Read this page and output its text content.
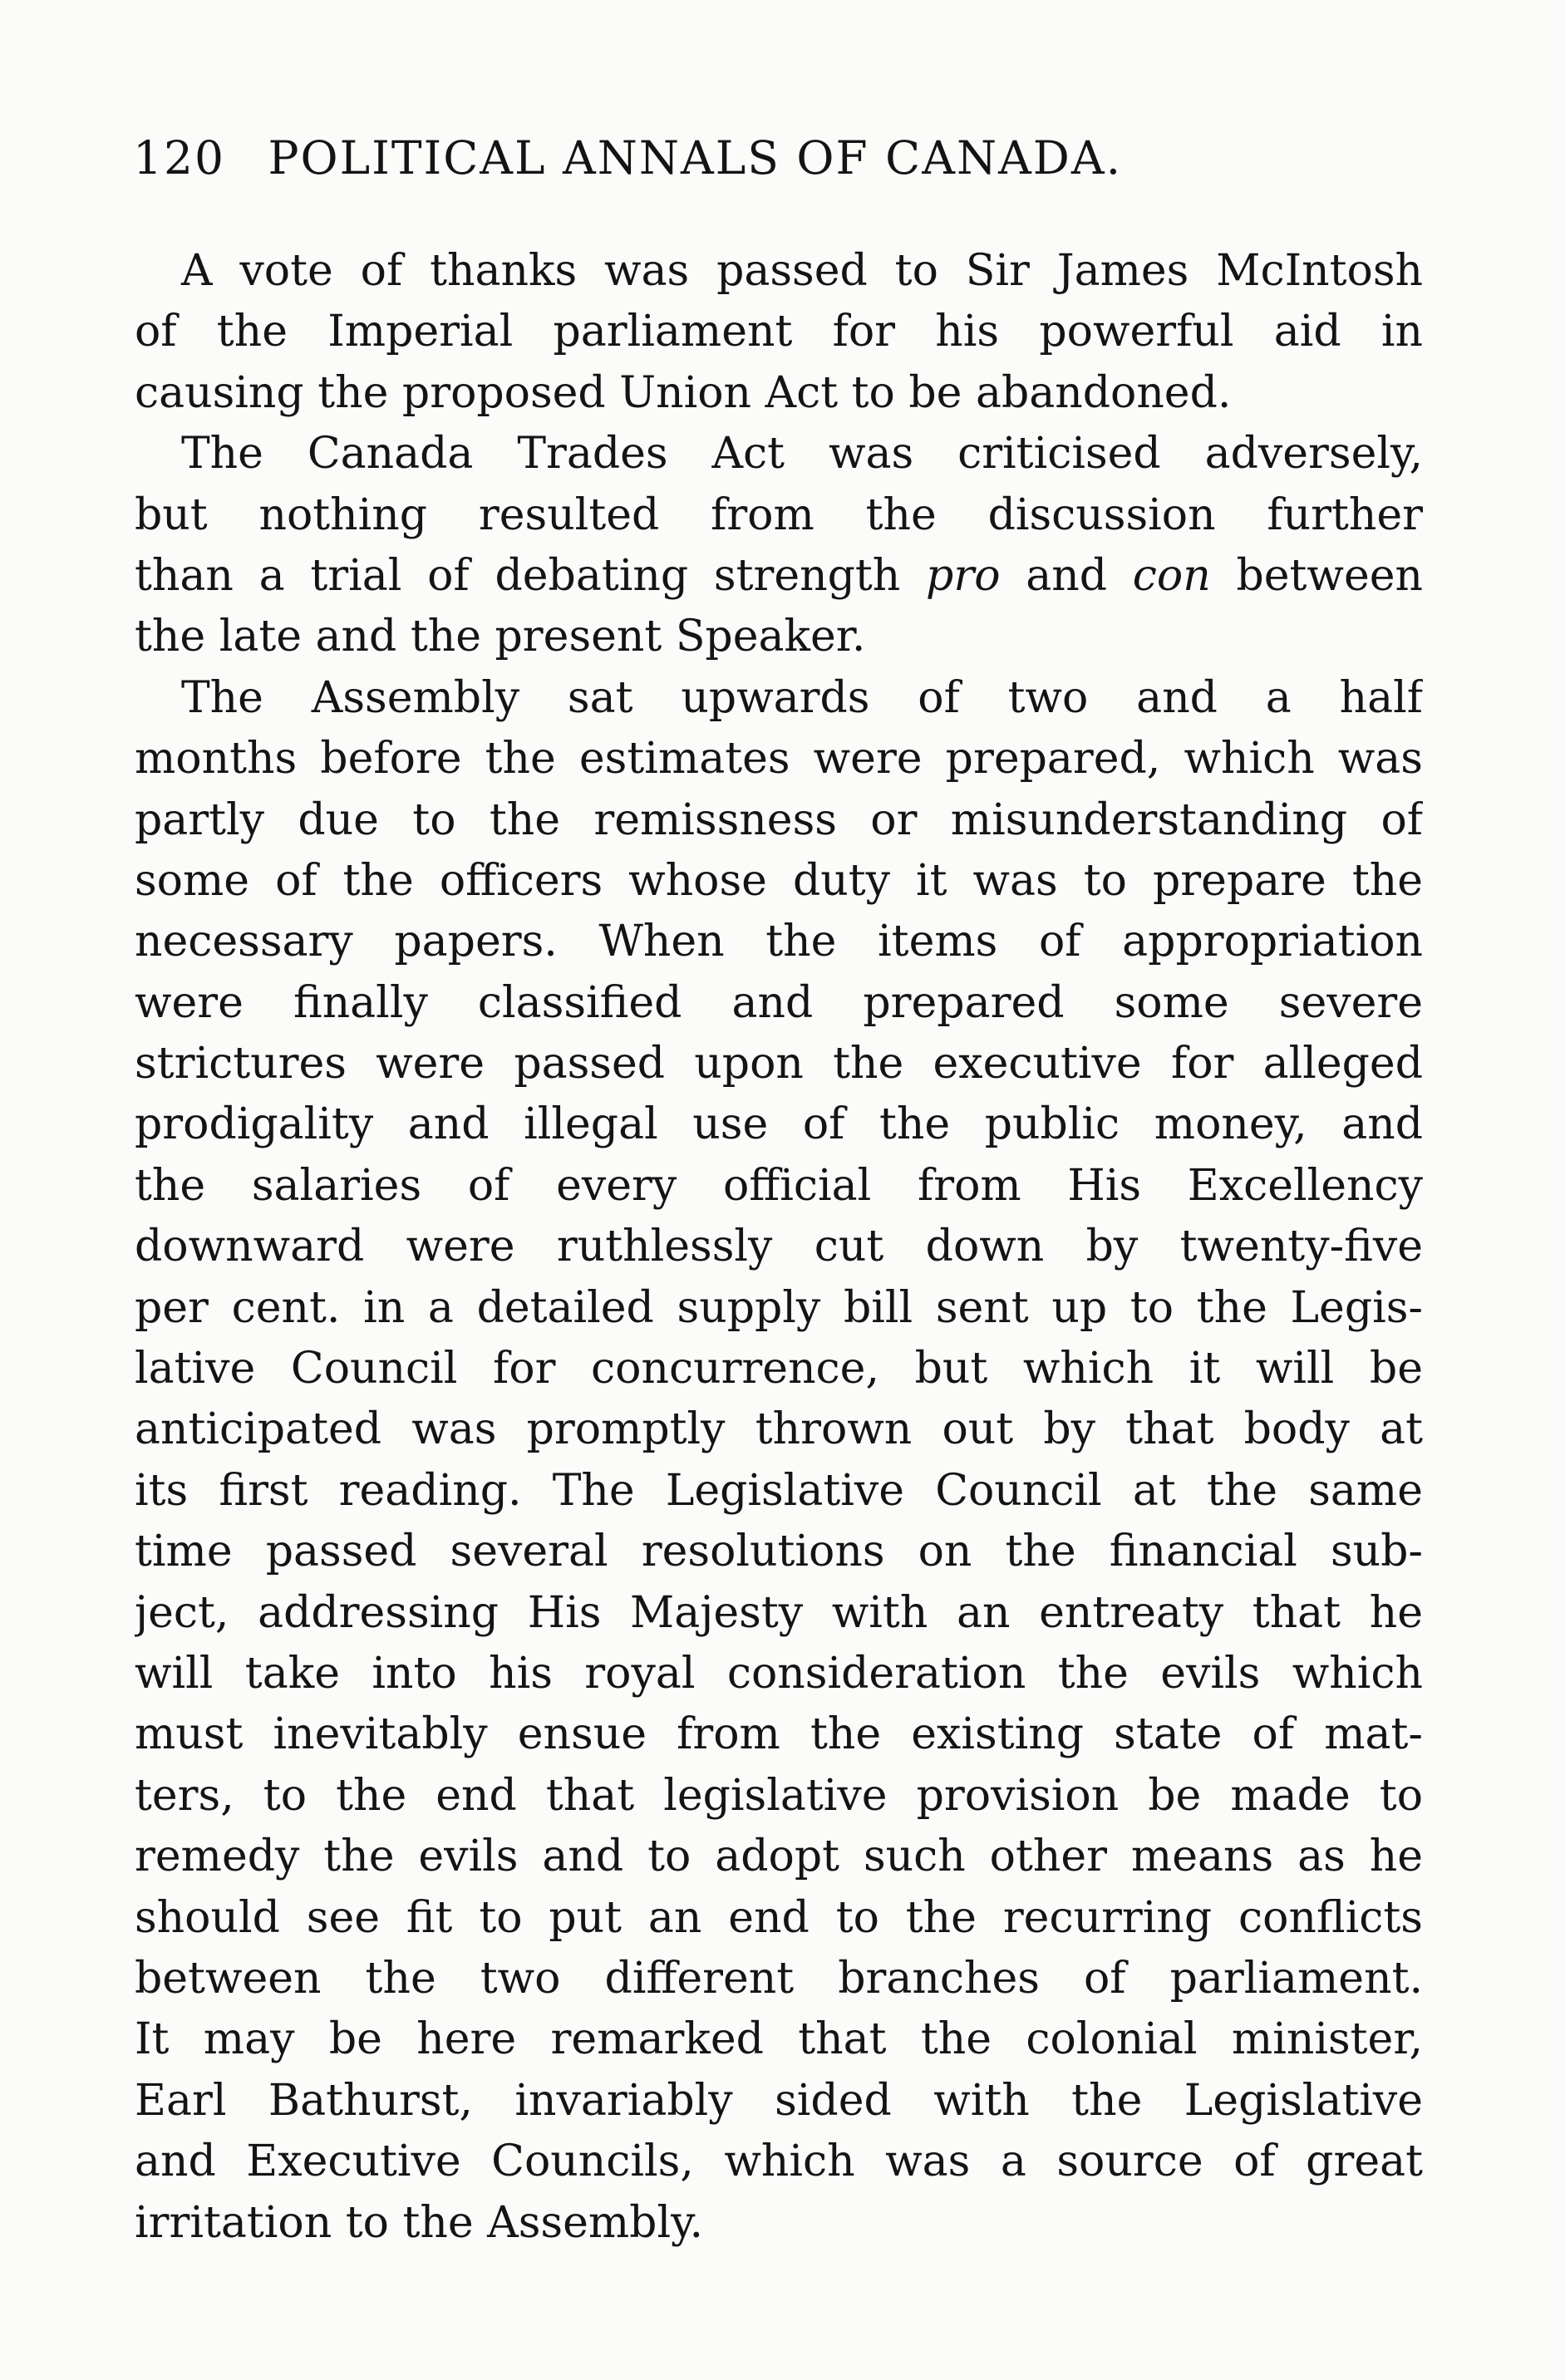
120 POLITICAL ANNALS OF CANADA.
A vote of thanks was passed to Sir James McIntosh
of the Imperial parliament for his powerful aid in
causing the proposed Union Act to be abandoned.
The Canada Trades Act was criticised adversely,
but nothing resulted from the discussion further
than a trial of debating strength pro and con between
the late and the present Speaker.
The Assembly sat upwards of two and a half
months before the estimates were prepared, which was
partly due to the remissness or misunderstanding of
some of the officers whose duty it was to prepare the
necessary papers. When the items of appropriation
were finally classified and prepared some severe
strictures were passed upon the executive for alleged
prodigality and illegal use of the public money, and
the salaries of every official from His Excellency
downward were ruthlessly cut down by twenty-five
per cent. in a detailed supply bill sent up to the Legis-
lative Council for concurrence, but which it will be
anticipated was promptly thrown out by that body at
its first reading. The Legislative Council at the same
time passed several resolutions on the financial sub-
ject, addressing His Majesty with an entreaty that he
will take into his royal consideration the evils which
must inevitably ensue from the existing state of mat-
ters, to the end that legislative provision be made to
remedy the evils and to adopt such other means as he
should see fit to put an end to the recurring conflicts
between the two different branches of parliament.
It may be here remarked that the colonial minister,
Earl Bathurst, invariably sided with the Legislative
and Executive Councils, which was a source of great
irritation to the Assembly.
